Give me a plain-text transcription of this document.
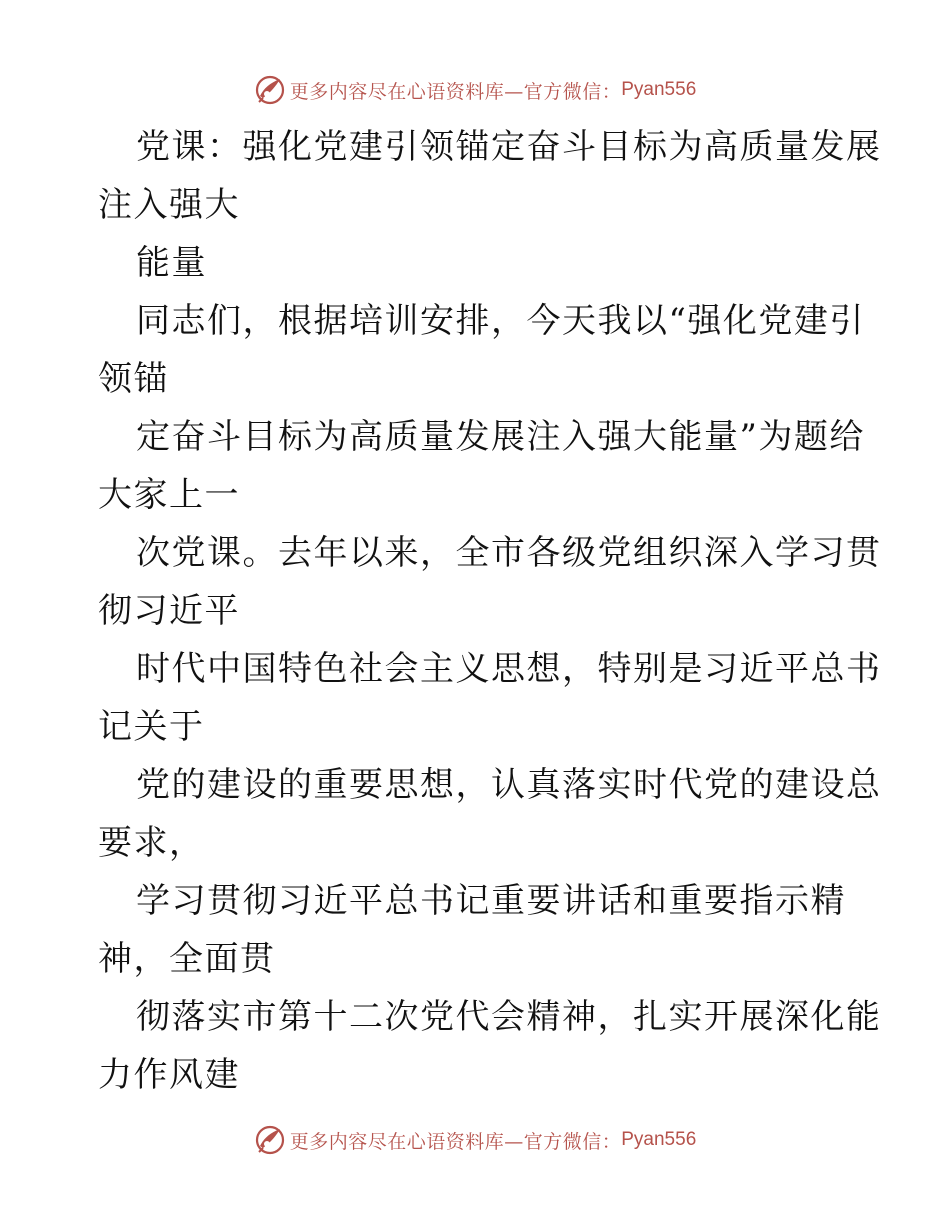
更多内容尽在心语资料库 —官方微信： Pyan556
党课：强化党建引领锚定奋斗目标为高质量发展
注入强大
能量
同志们，根据培训安排，今天我以“强化党建引
领锚
定奋斗目标为高质量发展注入强大能量”为题给
大家上一
次党课。去年以来，全市各级党组织深入学习贯
彻习近平
时代中国特色社会主义思想，特别是习近平总书
记关于
党的建设的重要思想，认真落实时代党的建设总
要求，
学习贯彻习近平总书记重要讲话和重要指示精
神，全面贯
彻落实市第十二次党代会精神，扎实开展深化能
力作风建
更多内容尽在心语资料库 —官方微信： Pyan556
